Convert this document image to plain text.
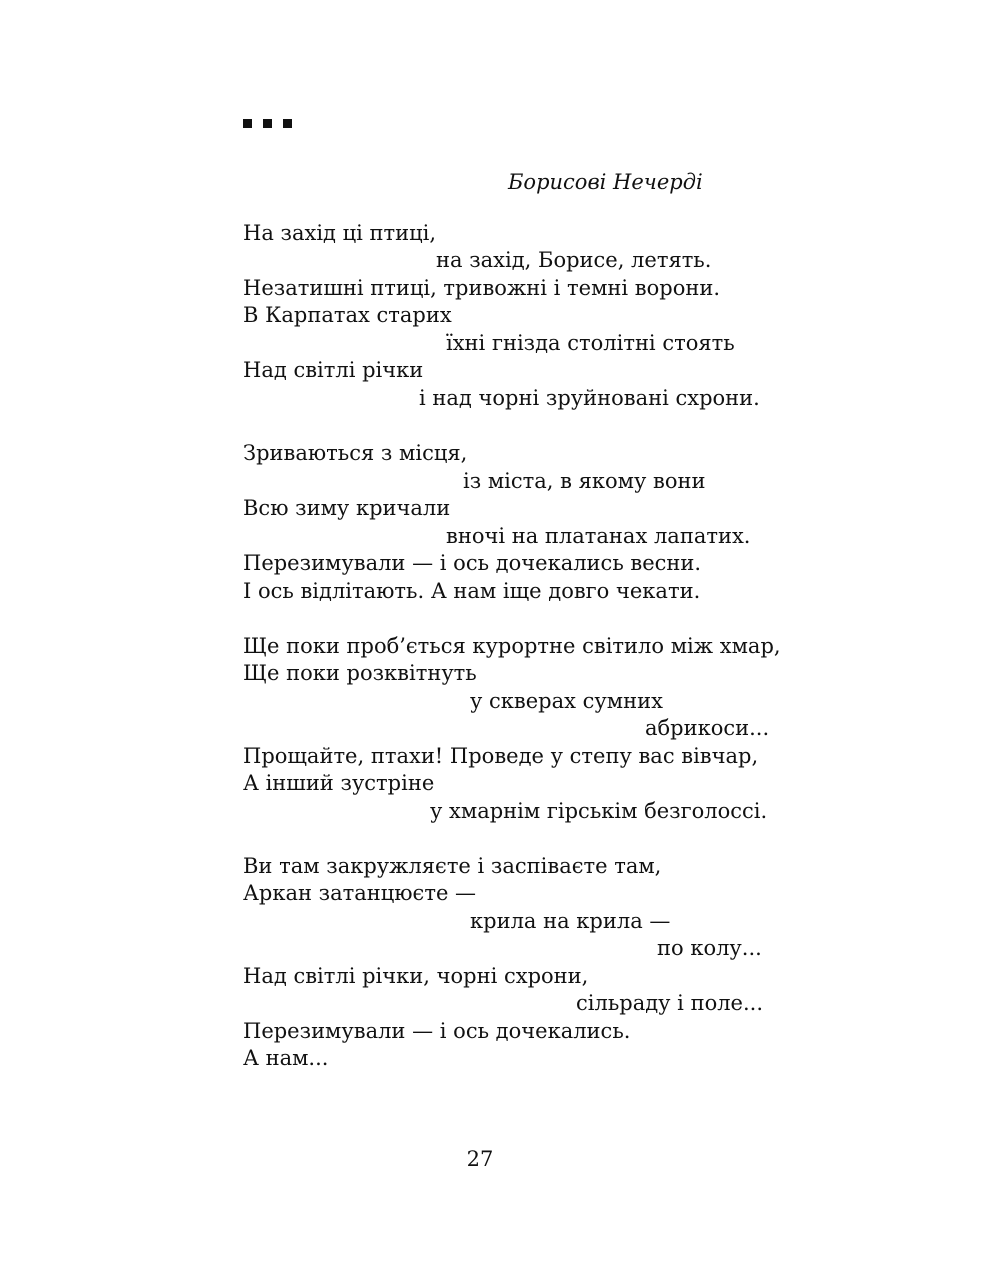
Борисові Нечерді
На захід ці птиці,
на захід, Борисе, летять.
Незатишні птиці, тривожні і темні ворони.
В Карпатах старих
їхні гнізда столітні стоять
Над світлі річки
і над чорні зруйновані схрони.
Зриваються з місця,
із міста, в якому вони
Всю зиму кричали
вночі на платанах лапатих.
Перезимували — і ось дочекались весни.
І ось відлітають. А нам іще довго чекати.
Ще поки проб’ється курортне світило між хмар,
Ще поки розквітнуть
у скверах сумних
абрикоси...
Прощайте, птахи! Проведе у степу вас вівчар,
А інший зустріне
у хмарнім гірськім безголоссі.
Ви там закружляєте і заспіваєте там,
Аркан затанцюєте —
крила на крила —
по колу...
Над світлі річки, чорні схрони,
сільраду і поле...
Перезимували — і ось дочекались.
А нам...
27
